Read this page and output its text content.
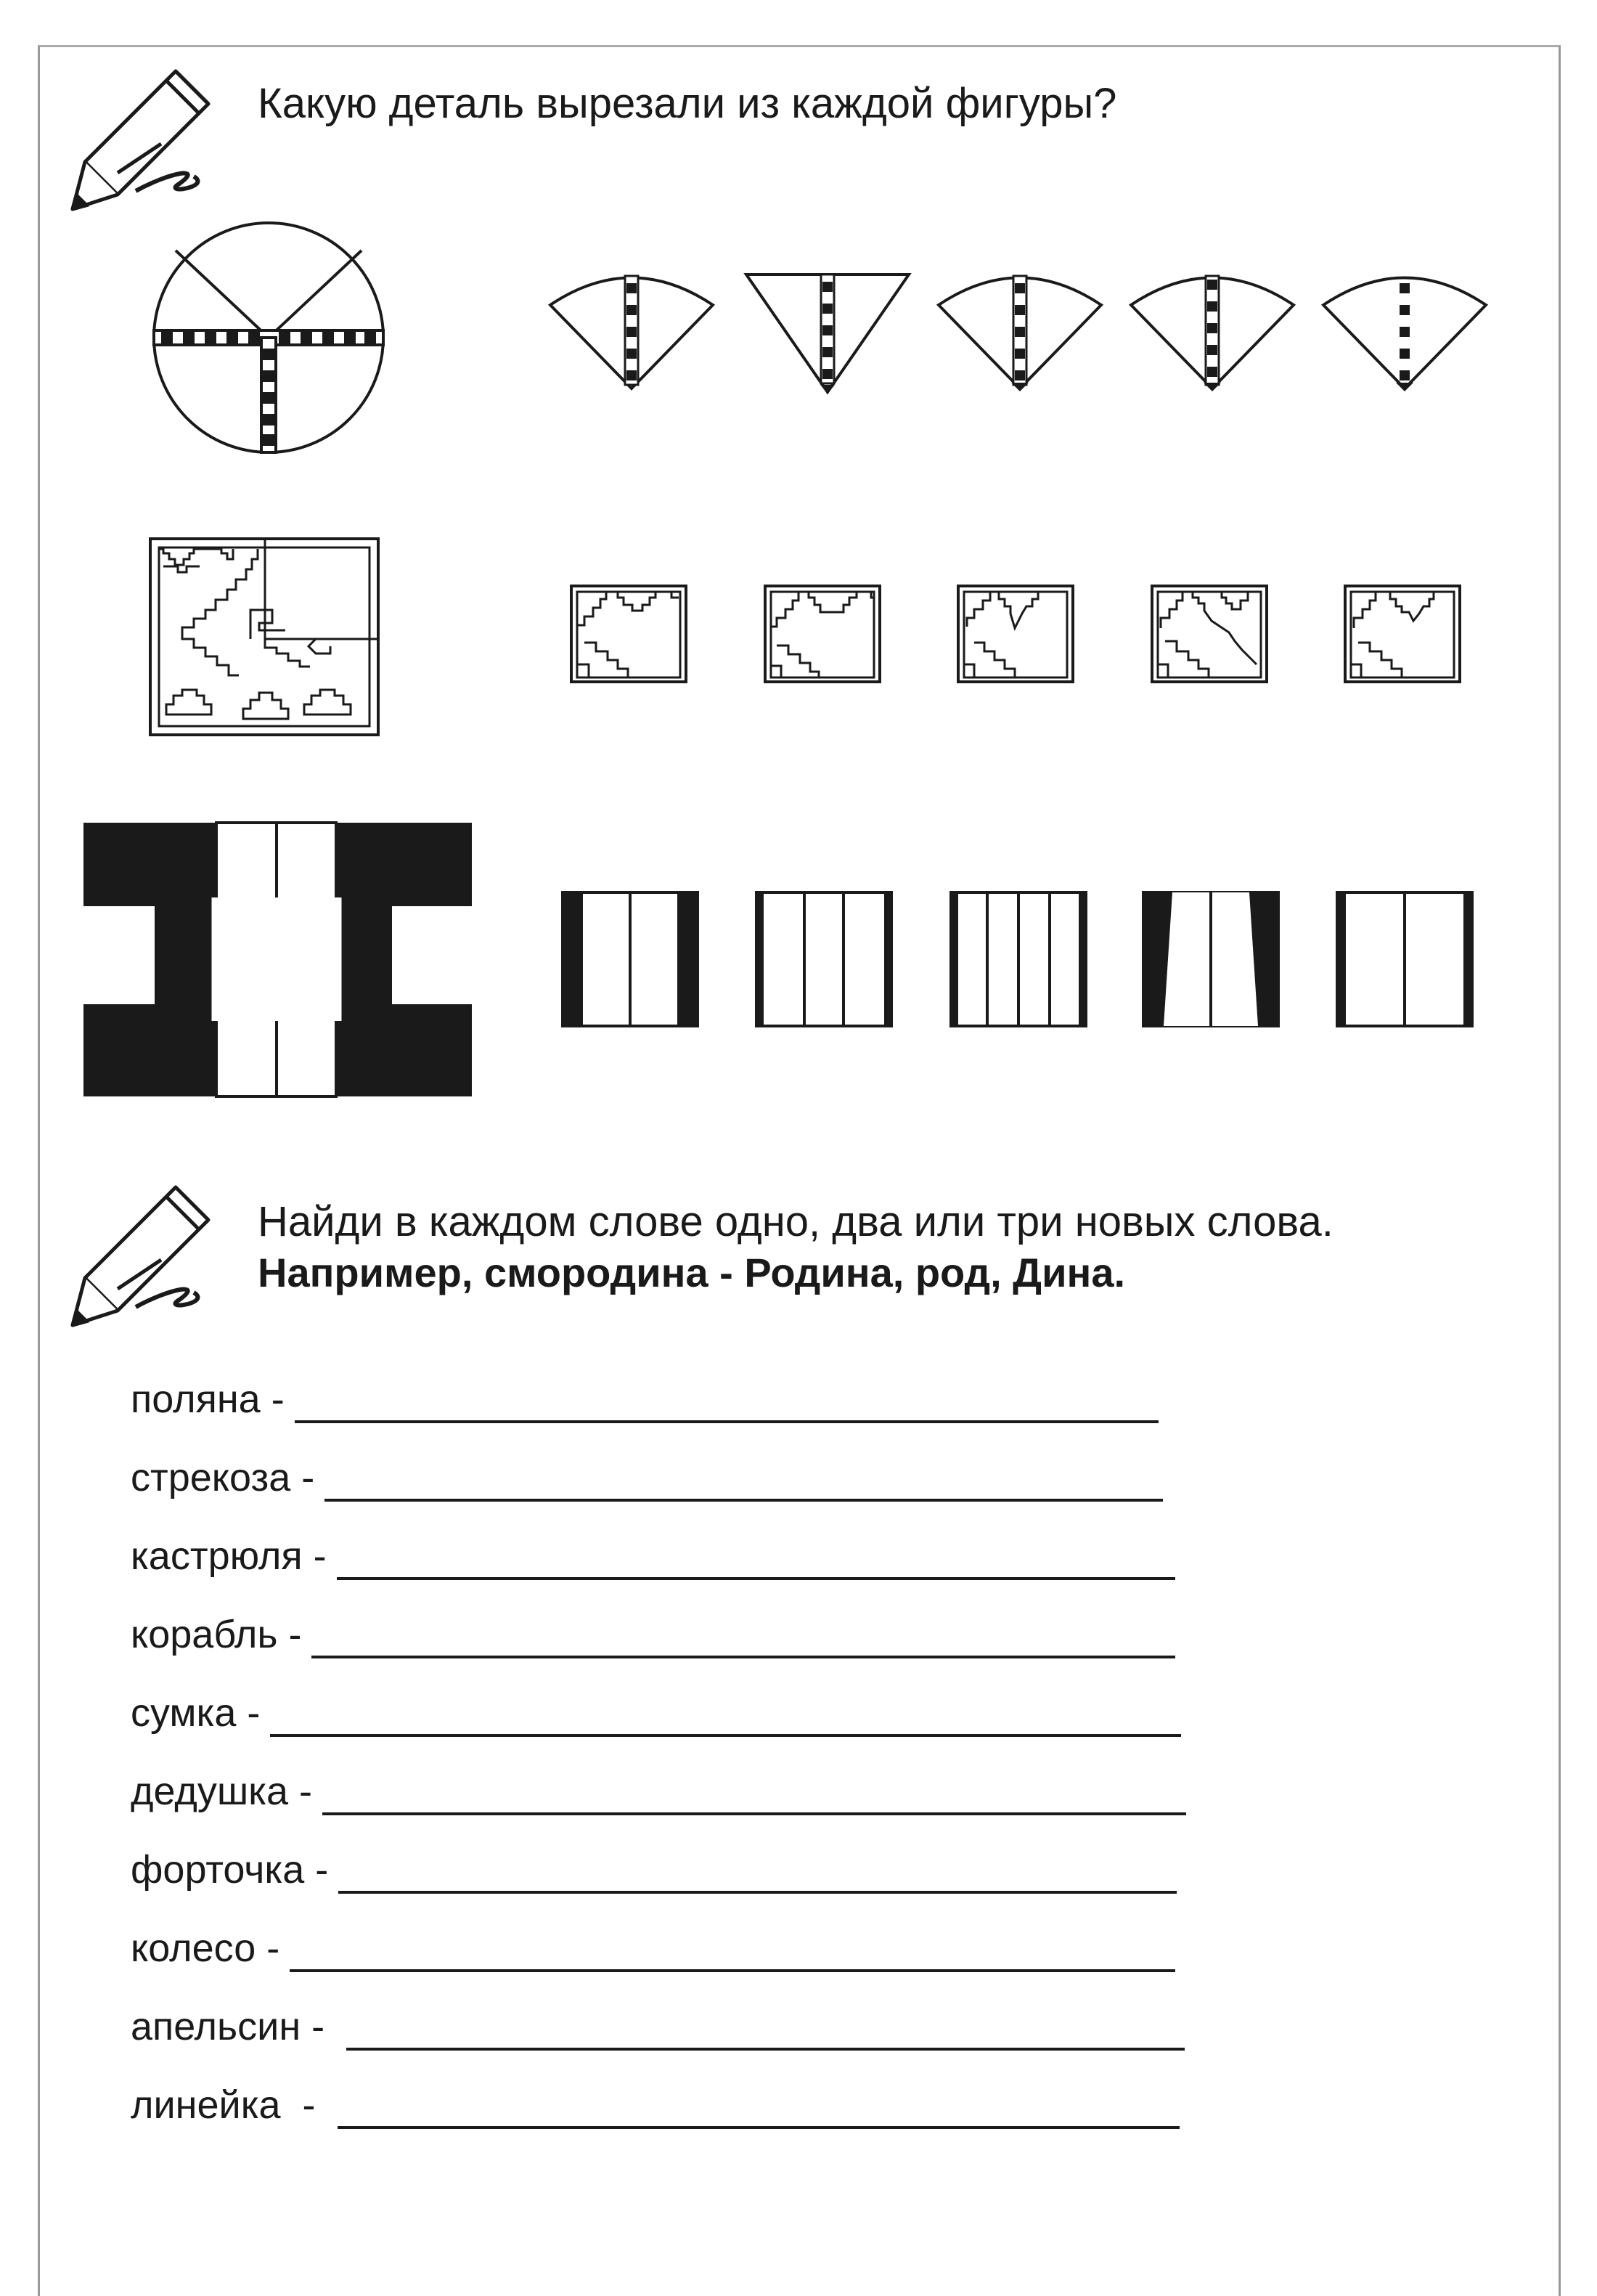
Какую деталь вырезали из каждой фигуры?
Найди в каждом слове одно, два или три новых слова.
Например, смородина - Родина, род, Дина.
поляна -
стрекоза -
кастрюля -
корабль -
сумка -
дедушка -
форточка -
колесо -
апельсин -
линейка  -
